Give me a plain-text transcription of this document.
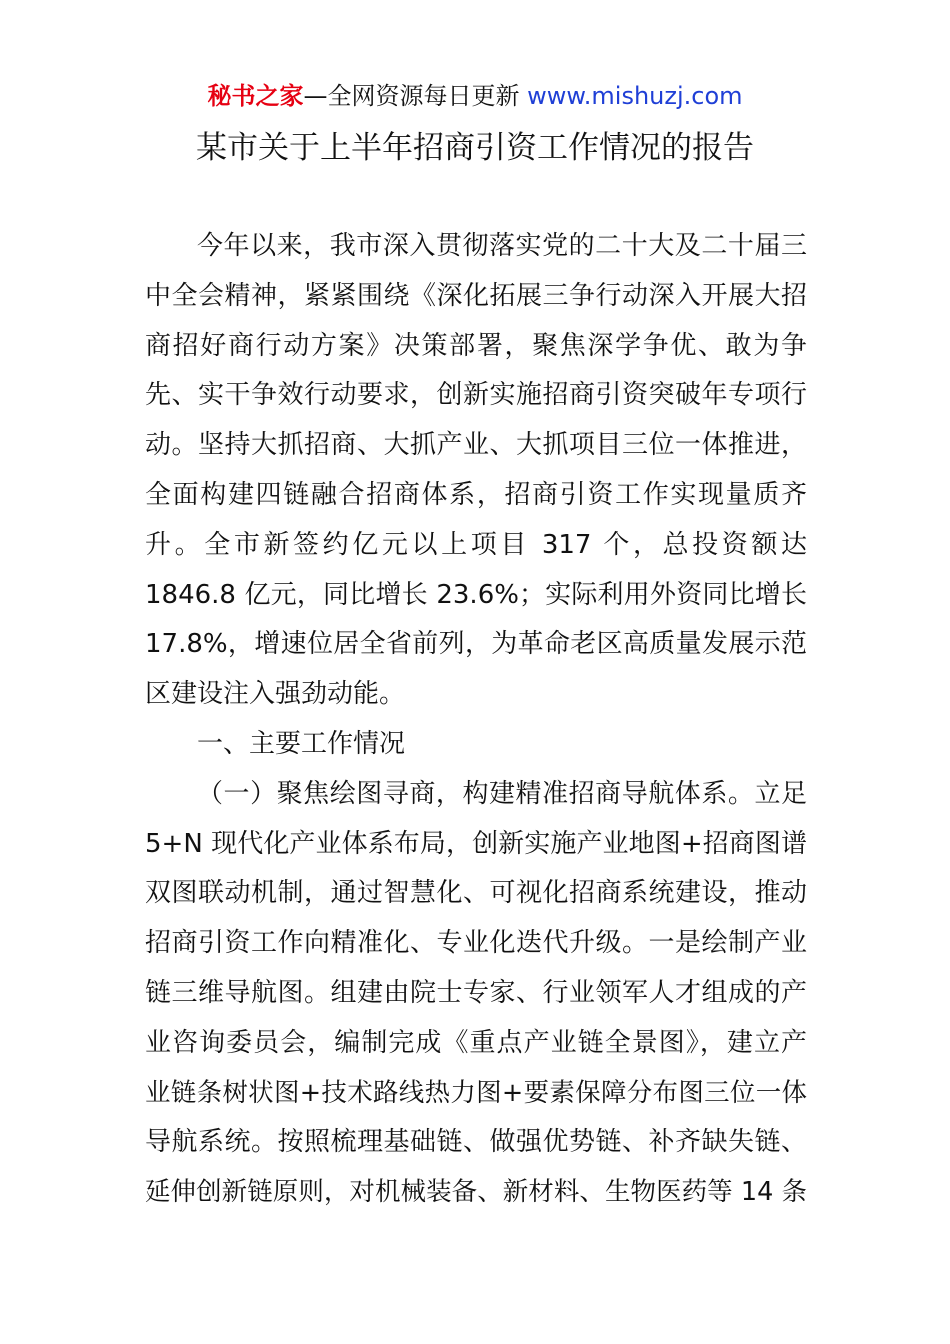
秘书之家—全网资源每日更新 www.mishuzj.com
某市关于上半年招商引资工作情况的报告
今年以来，我市深入贯彻落实党的二十大及二十届三
中全会精神，紧紧围绕《深化拓展三争行动深入开展大招
商招好商行动方案》决策部署，聚焦深学争优、敢为争
先、实干争效行动要求，创新实施招商引资突破年专项行
动。坚持大抓招商、大抓产业、大抓项目三位一体推进，
全面构建四链融合招商体系，招商引资工作实现量质齐
升。全市新签约亿元以上项目 317 个，总投资额达
1846.8 亿元，同比增长 23.6%；实际利用外资同比增长
17.8%，增速位居全省前列，为革命老区高质量发展示范
区建设注入强劲动能。
一、主要工作情况
（一）聚焦绘图寻商，构建精准招商导航体系。立足
5+N 现代化产业体系布局，创新实施产业地图+招商图谱
双图联动机制，通过智慧化、可视化招商系统建设，推动
招商引资工作向精准化、专业化迭代升级。一是绘制产业
链三维导航图。组建由院士专家、行业领军人才组成的产
业咨询委员会，编制完成《重点产业链全景图》，建立产
业链条树状图+技术路线热力图+要素保障分布图三位一体
导航系统。按照梳理基础链、做强优势链、补齐缺失链、
延伸创新链原则，对机械装备、新材料、生物医药等 14 条
